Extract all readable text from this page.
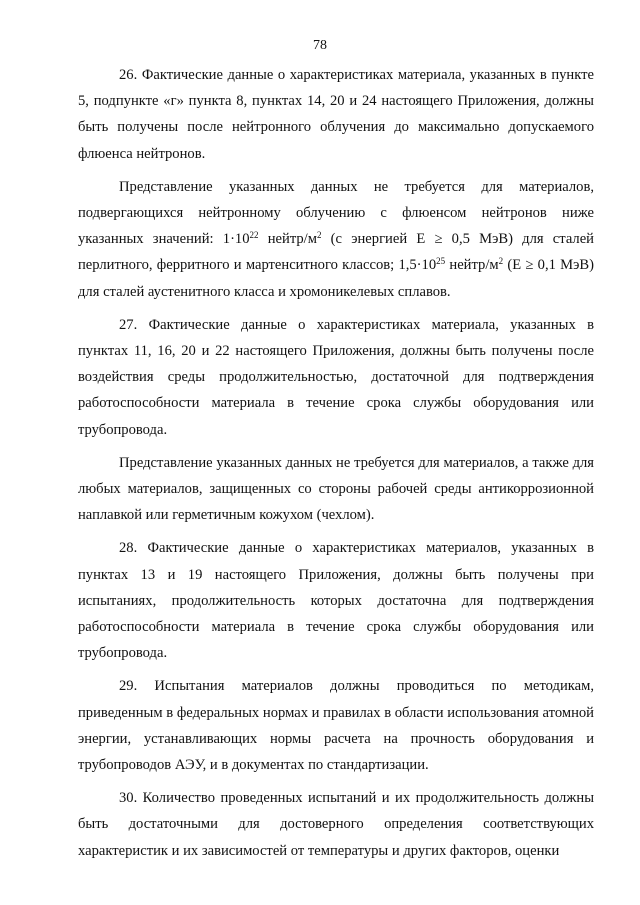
78

26. Фактические данные о характеристиках материала, указанных в пункте 5, подпункте «г» пункта 8, пунктах 14, 20 и 24 настоящего Приложения, должны быть получены после нейтронного облучения до максимально допускаемого флюенса нейтронов.

Представление указанных данных не требуется для материалов, подвергающихся нейтронному облучению с флюенсом нейтронов ниже указанных значений: $1\cdot 10^{22}$ нейтр/$м^2$ (с энергией E ≥ 0,5 МэВ) для сталей перлитного, ферритного и мартенситного классов; $1,5\cdot 10^{25}$ нейтр/$м^2$ (E ≥ 0,1 МэВ) для сталей аустенитного класса и хромоникелевых сплавов.

27. Фактические данные о характеристиках материала, указанных в пунктах 11, 16, 20 и 22 настоящего Приложения, должны быть получены после воздействия среды продолжительностью, достаточной для подтверждения работоспособности материала в течение срока службы оборудования или трубопровода.

Представление указанных данных не требуется для материалов, а также для любых материалов, защищенных со стороны рабочей среды антикоррозионной наплавкой или герметичным кожухом (чехлом).

28. Фактические данные о характеристиках материалов, указанных в пунктах 13 и 19 настоящего Приложения, должны быть получены при испытаниях, продолжительность которых достаточна для подтверждения работоспособности материала в течение срока службы оборудования или трубопровода.

29. Испытания материалов должны проводиться по методикам, приведенным в федеральных нормах и правилах в области использования атомной энергии, устанавливающих нормы расчета на прочность оборудования и трубопроводов АЭУ, и в документах по стандартизации.

30. Количество проведенных испытаний и их продолжительность должны быть достаточными для достоверного определения соответствующих характеристик и их зависимостей от температуры и других факторов, оценки
